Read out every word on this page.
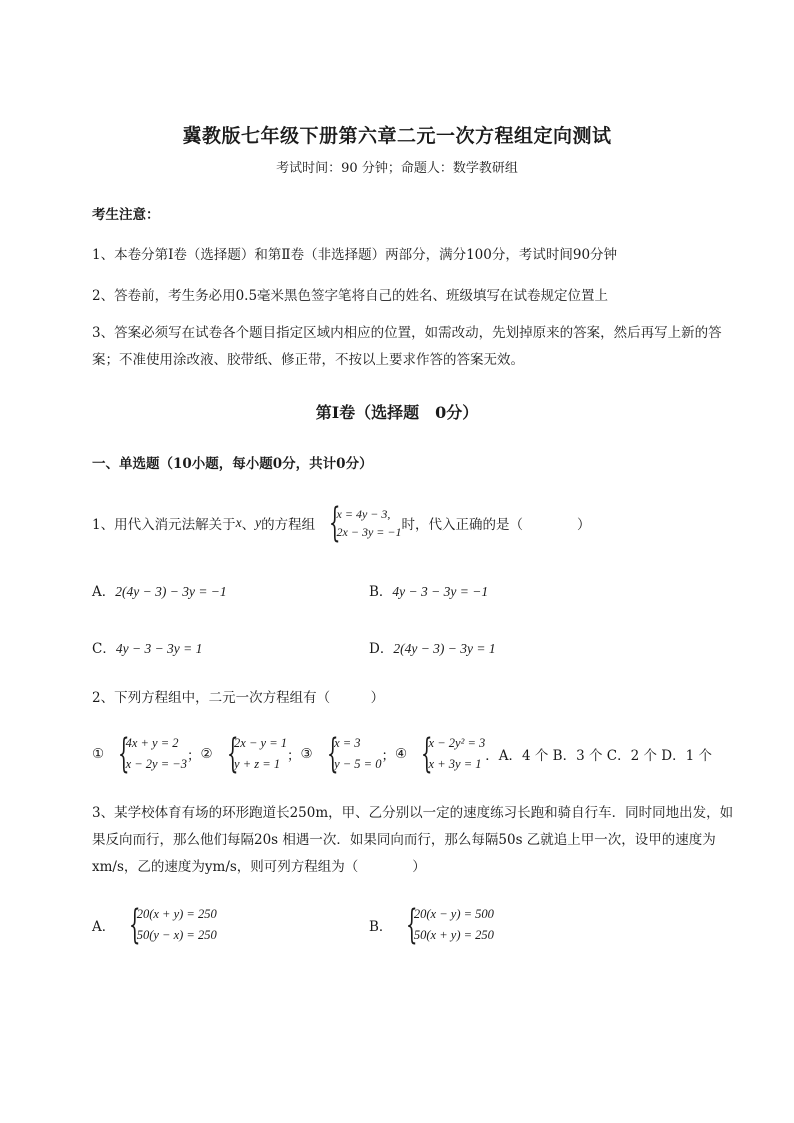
冀教版七年级下册第六章二元一次方程组定向测试
考试时间：90 分钟；命题人：数学教研组
考生注意：
1、本卷分第Ⅰ卷（选择题）和第Ⅱ卷（非选择题）两部分，满分100分，考试时间90分钟
2、答卷前，考生务必用0.5毫米黑色签字笔将自己的姓名、班级填写在试卷规定位置上
3、答案必须写在试卷各个题目指定区域内相应的位置，如需改动，先划掉原来的答案，然后再写上新的答案；不准使用涂改液、胶带纸、修正带，不按以上要求作答的答案无效。
第Ⅰ卷（选择题　0分）
一、单选题（10小题，每小题0分，共计0分）
1、用代入消元法解关于 x 、 y 的方程组 {
x = 4y − 3,
2x − 3y = −1 时，代入正确的是（　　　　）
A．2(4y − 3) − 3y = −1	B．4y − 3 − 3y = −1
C．4y − 3 − 3y = 1	D．2(4y − 3) − 3y = 1
2、下列方程组中，二元一次方程组有（　　　）
① {
4x + y = 2
x − 2y = −3 ； ② {
2x − y = 1
y + z = 1 ； ③ {
x = 3
y − 5 = 0 ； ④ {
x − 2y² = 3
x + 3y = 1 ．A．4 个 B．3 个 C．2 个 D．1 个
3、某学校体育有场的环形跑道长250m，甲、乙分别以一定的速度练习长跑和骑自行车．同时同地出发，如果反向而行，那么他们每隔20s 相遇一次．如果同向而行，那么每隔50s 乙就追上甲一次，设甲的速度为xm/s，乙的速度为ym/s，则可列方程组为（　　　　）
A． {
20(x + y) = 250
50(y − x) = 250	B． {
20(x − y) = 500
50(x + y) = 250
